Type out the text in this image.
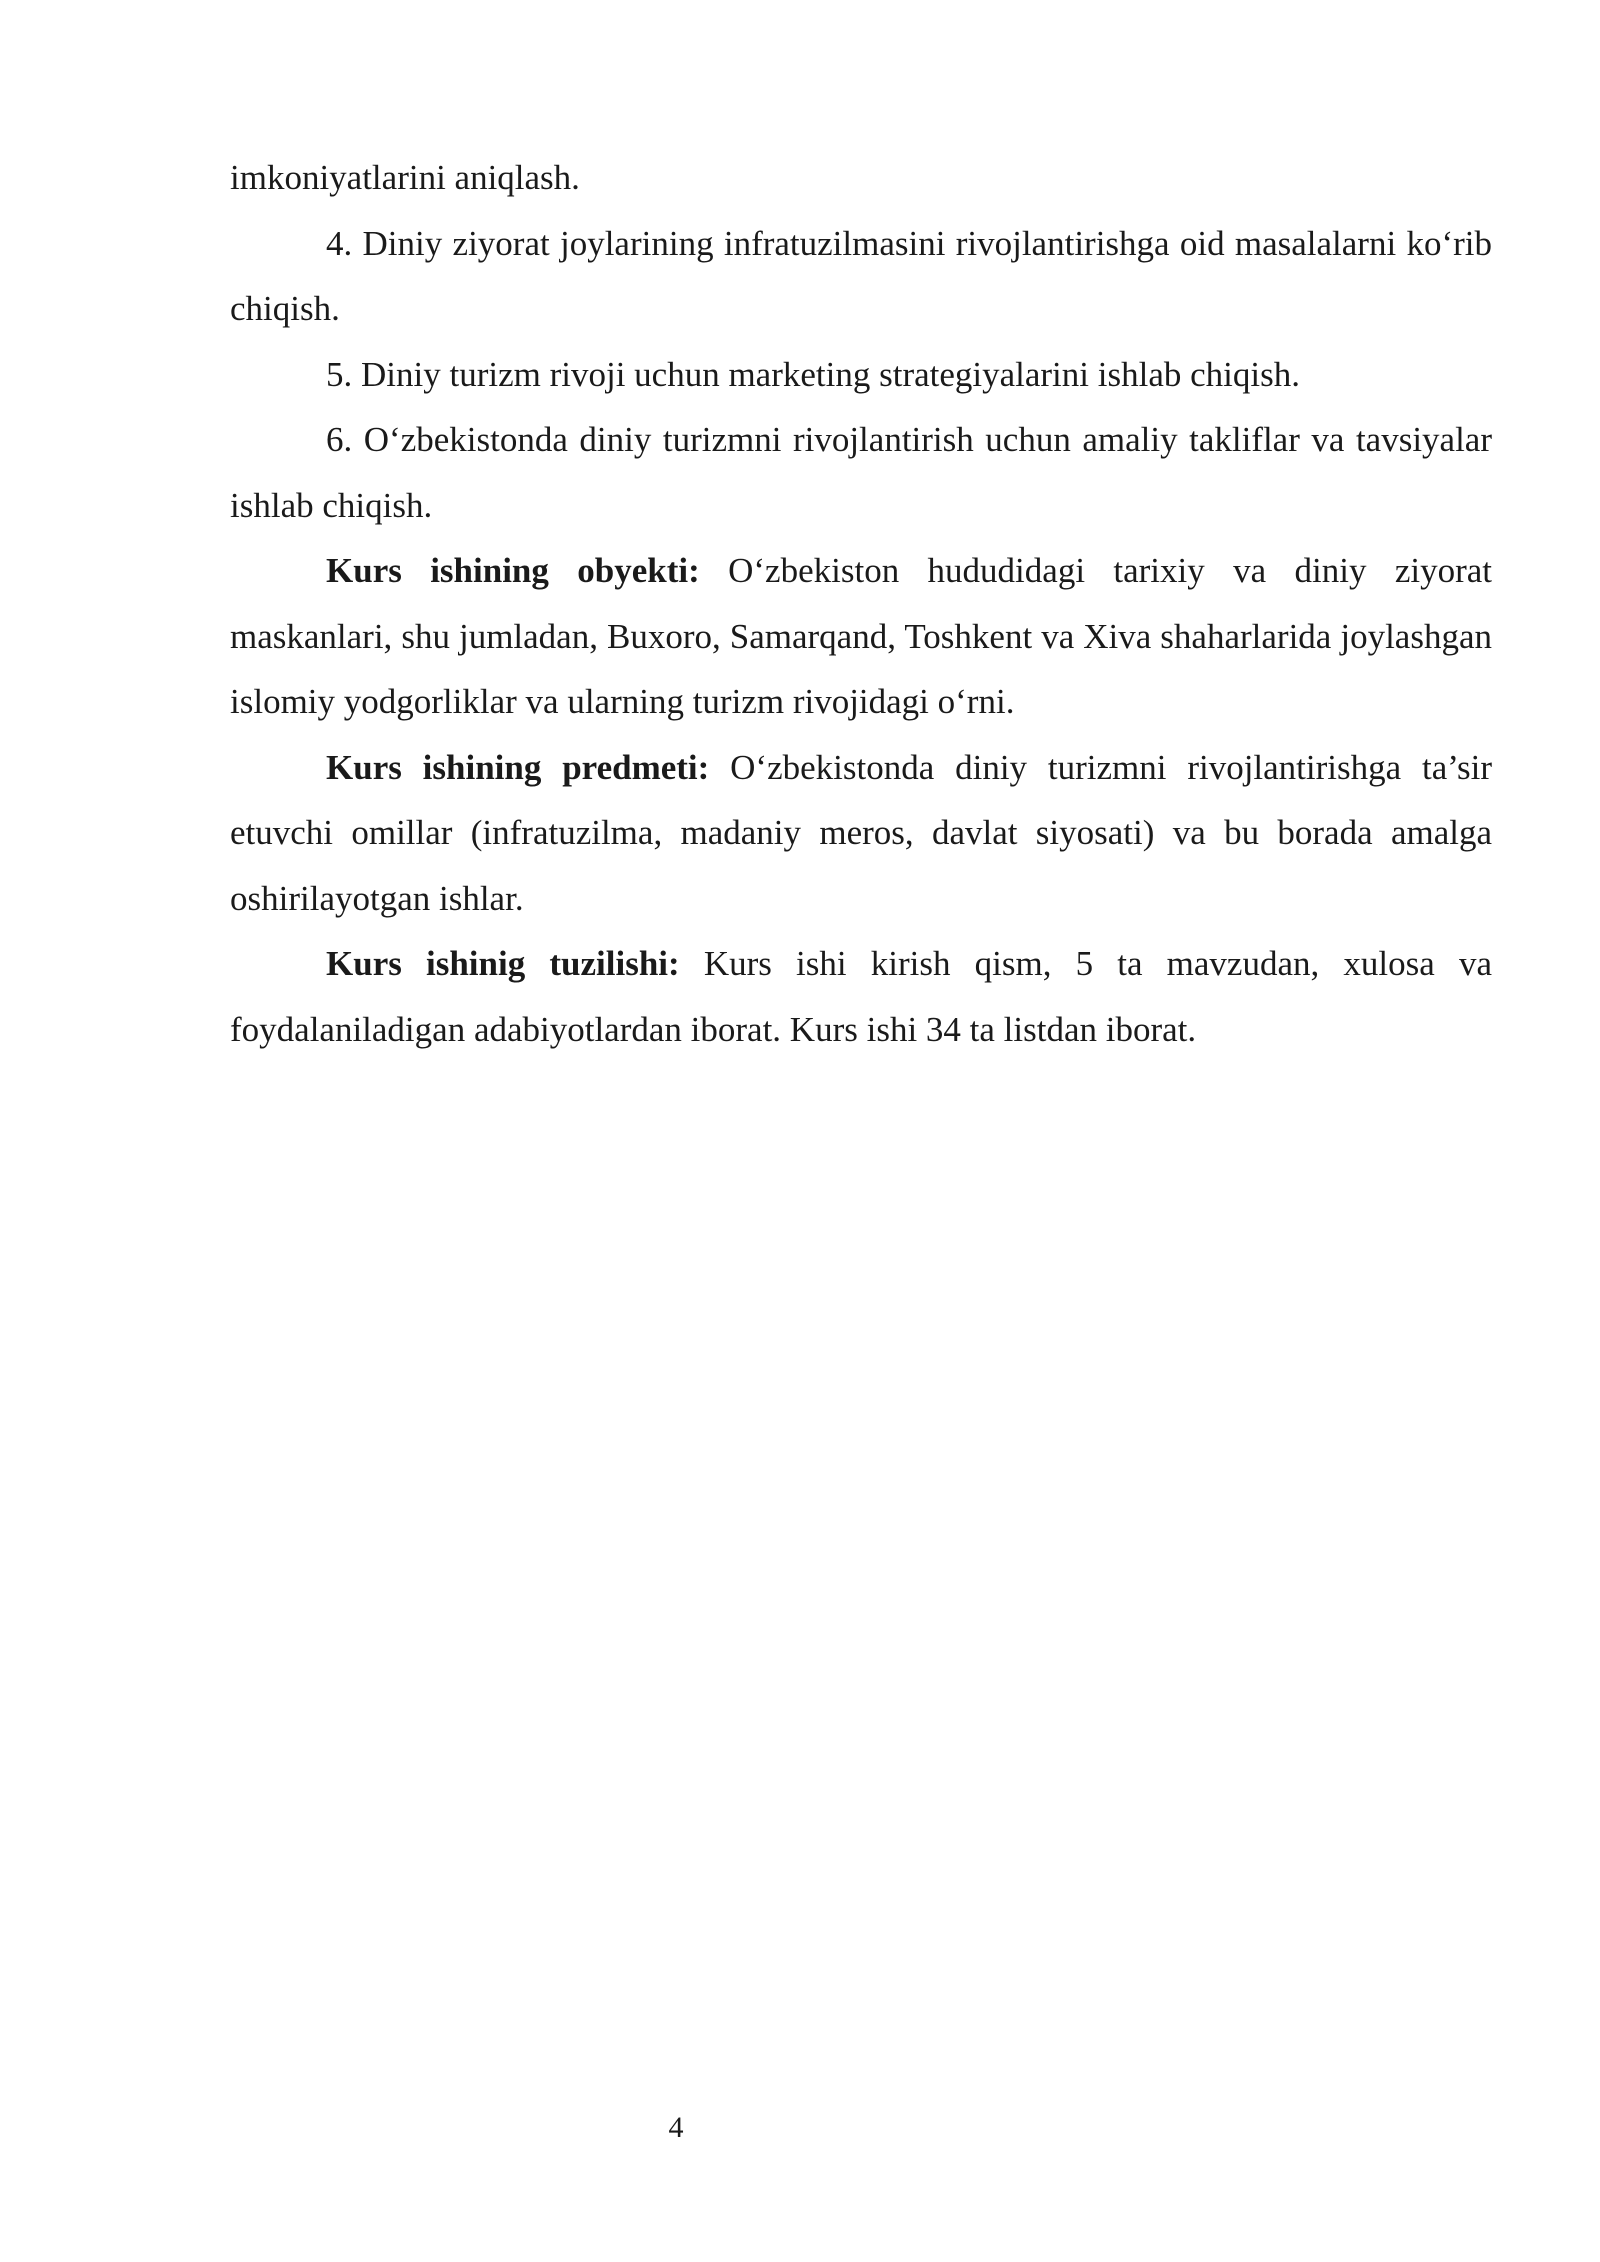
imkoniyatlarini aniqlash.

4. Diniy ziyorat joylarining infratuzilmasini rivojlantirishga oid masalalarni ko‘rib chiqish.

5. Diniy turizm rivoji uchun marketing strategiyalarini ishlab chiqish.

6. O‘zbekistonda diniy turizmni rivojlantirish uchun amaliy takliflar va tavsiyalar ishlab chiqish.

Kurs ishining obyekti: O‘zbekiston hududidagi tarixiy va diniy ziyorat maskanlari, shu jumladan, Buxoro, Samarqand, Toshkent va Xiva shaharlarida joylashgan islomiy yodgorliklar va ularning turizm rivojidagi o‘rni.

Kurs ishining predmeti: O‘zbekistonda diniy turizmni rivojlantirishga ta’sir etuvchi omillar (infratuzilma, madaniy meros, davlat siyosati) va bu borada amalga oshirilayotgan ishlar.

Kurs ishinig tuzilishi: Kurs ishi kirish qism, 5 ta mavzudan, xulosa va foydalaniladigan adabiyotlardan iborat. Kurs ishi 34 ta listdan iborat.

4
